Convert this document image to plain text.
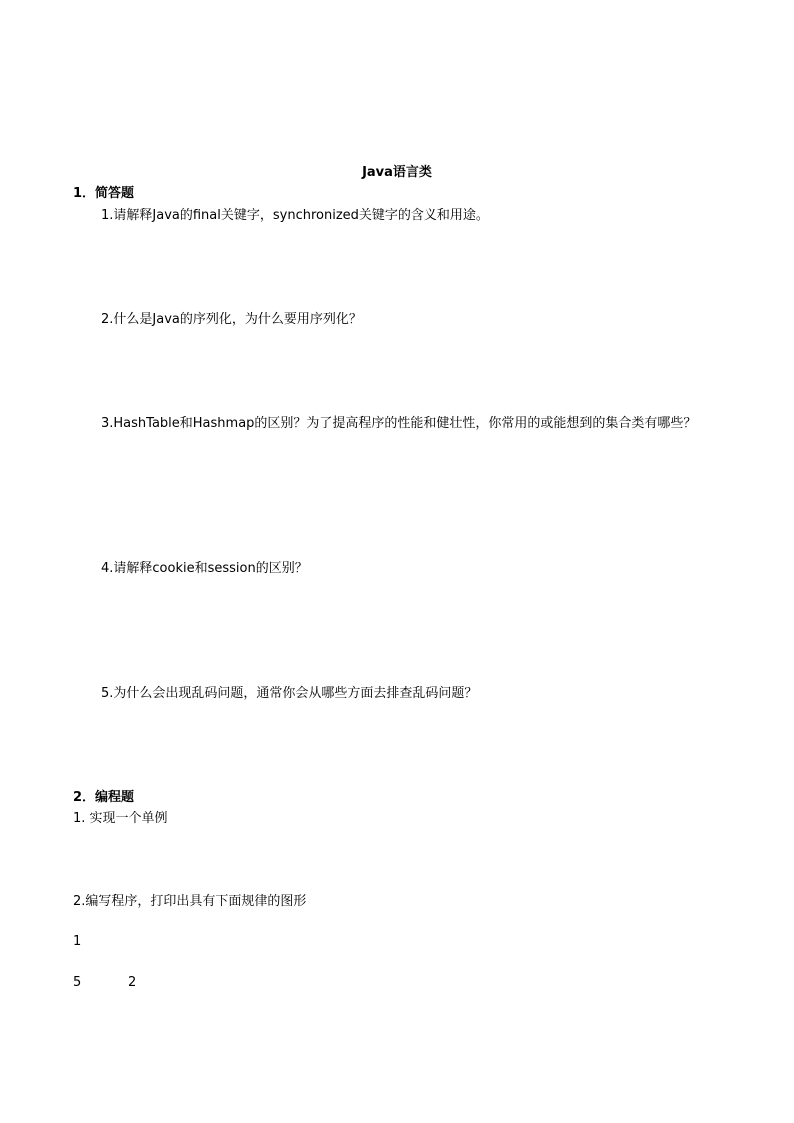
Java语言类
1．简答题
1.请解释Java的final关键字，synchronized关键字的含义和用途。
2.什么是Java的序列化，为什么要用序列化？
3.HashTable和Hashmap的区别？为了提高程序的性能和健壮性，你常用的或能想到的集合类有哪些？
4.请解释cookie和session的区别？
5.为什么会出现乱码问题，通常你会从哪些方面去排查乱码问题？
2．编程题
1. 实现一个单例
2.编写程序，打印出具有下面规律的图形
1
5	2
